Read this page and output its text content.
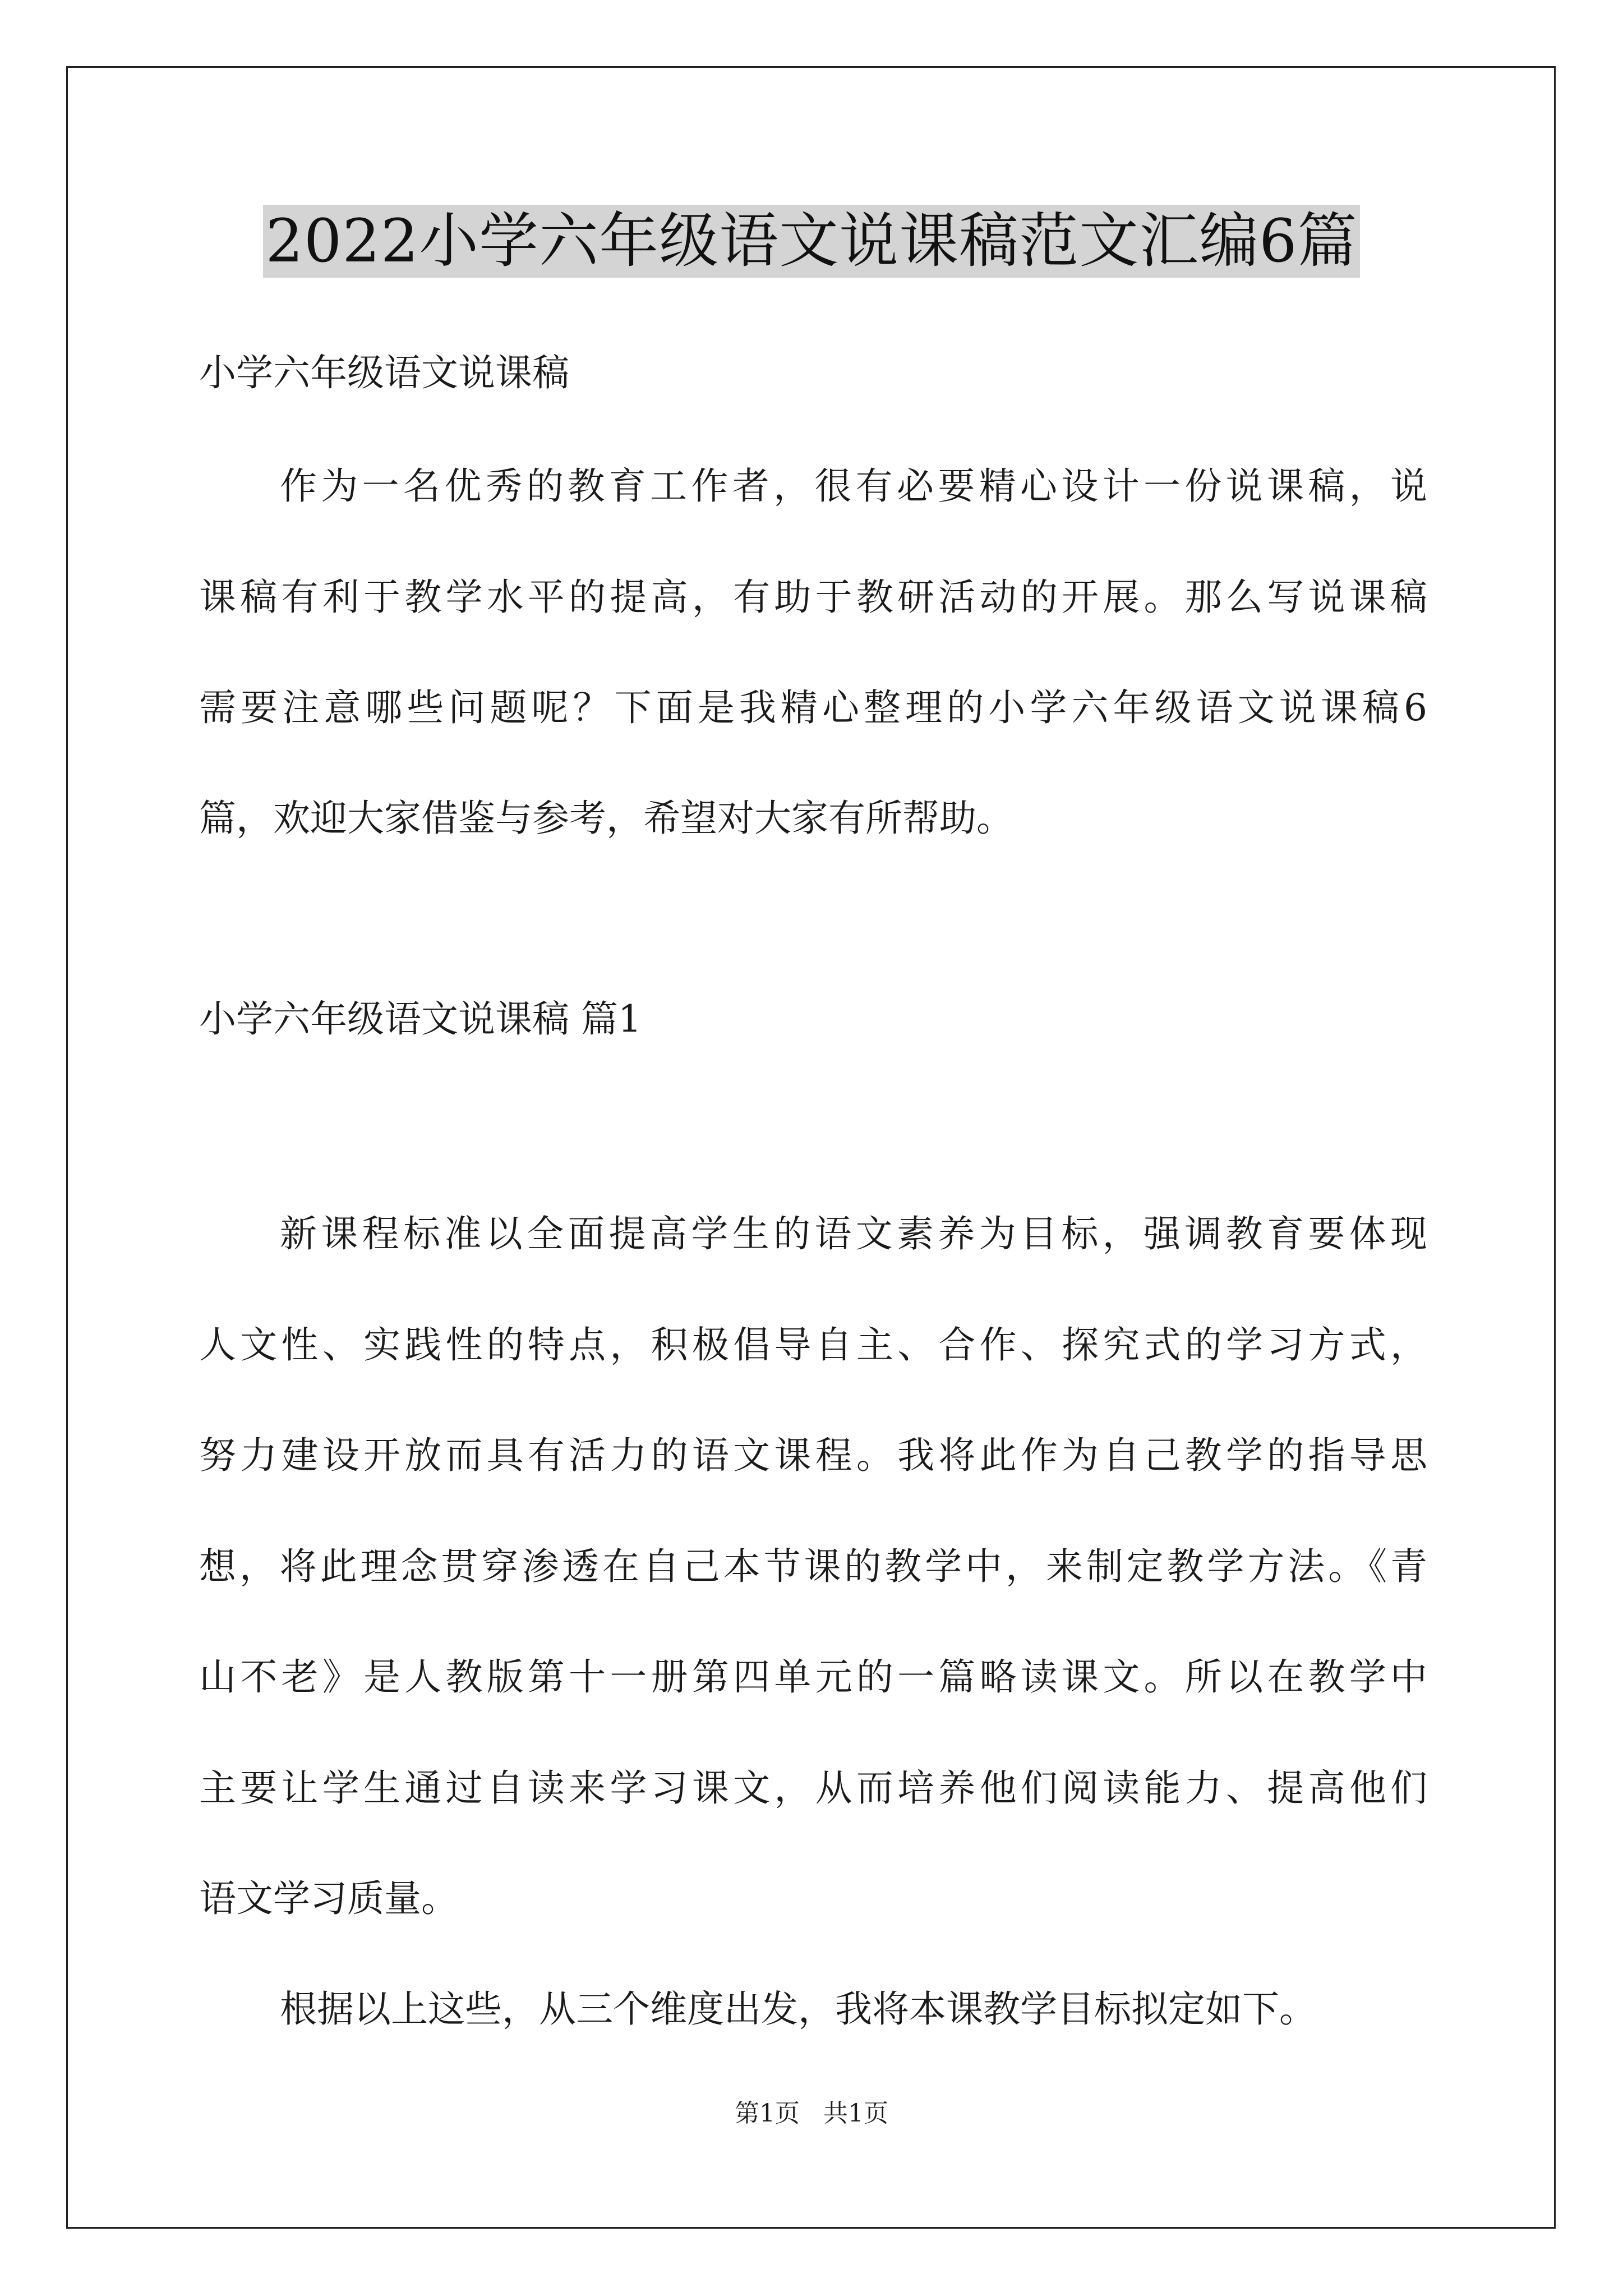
2022小学六年级语文说课稿范文汇编6篇
小学六年级语文说课稿
作为一名优秀的教育工作者，很有必要精心设计一份说课稿，说
课稿有利于教学水平的提高，有助于教研活动的开展。那么写说课稿
需要注意哪些问题呢？下面是我精心整理的小学六年级语文说课稿6
篇，欢迎大家借鉴与参考，希望对大家有所帮助。
小学六年级语文说课稿 篇1
新课程标准以全面提高学生的语文素养为目标，强调教育要体现
人文性、实践性的特点，积极倡导自主、合作、探究式的学习方式，
努力建设开放而具有活力的语文课程。我将此作为自己教学的指导思
想，将此理念贯穿渗透在自己本节课的教学中，来制定教学方法。《青
山不老》是人教版第十一册第四单元的一篇略读课文。所以在教学中
主要让学生通过自读来学习课文，从而培养他们阅读能力、提高他们
语文学习质量。
根据以上这些，从三个维度出发，我将本课教学目标拟定如下。
第1页   共1页
